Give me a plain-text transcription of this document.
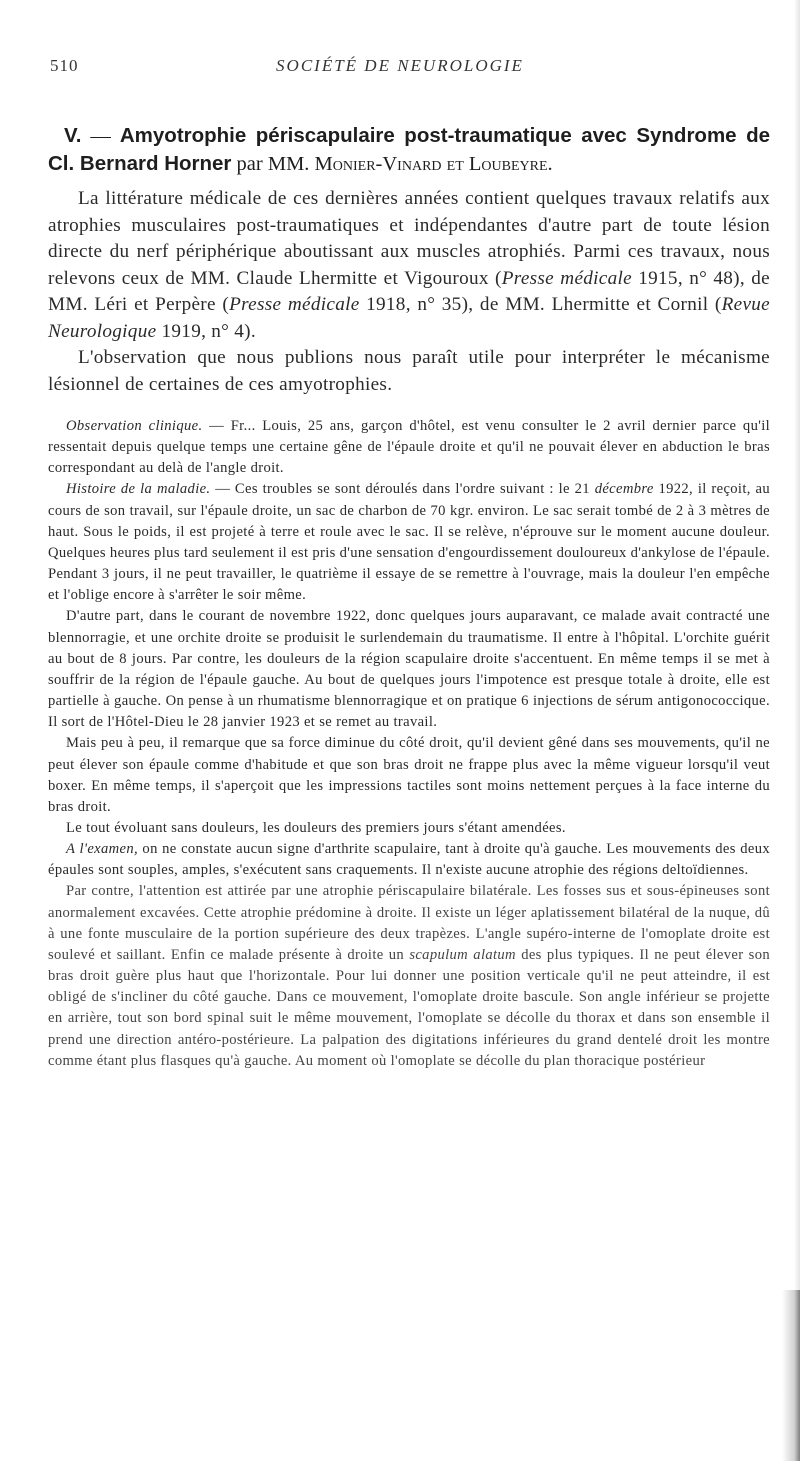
510	SOCIÉTÉ DE NEUROLOGIE

V. — Amyotrophie périscapulaire post-traumatique avec Syndrome de Cl. Bernard Horner par MM. Monier-Vinard et Loubeyre.

La littérature médicale de ces dernières années contient quelques travaux relatifs aux atrophies musculaires post-traumatiques et indépendantes d'autre part de toute lésion directe du nerf périphérique aboutissant aux muscles atrophiés. Parmi ces travaux, nous relevons ceux de MM. Claude Lhermitte et Vigouroux (Presse médicale 1915, n° 48), de MM. Léri et Perpère (Presse médicale 1918, n° 35), de MM. Lhermitte et Cornil (Revue Neurologique 1919, n° 4).

L'observation que nous publions nous paraît utile pour interpréter le mécanisme lésionnel de certaines de ces amyotrophies.

Observation clinique. — Fr... Louis, 25 ans, garçon d'hôtel, est venu consulter le 2 avril dernier parce qu'il ressentait depuis quelque temps une certaine gêne de l'épaule droite et qu'il ne pouvait élever en abduction le bras correspondant au delà de l'angle droit.

Histoire de la maladie. — Ces troubles se sont déroulés dans l'ordre suivant : le 21 décembre 1922, il reçoit, au cours de son travail, sur l'épaule droite, un sac de charbon de 70 kgr. environ. Le sac serait tombé de 2 à 3 mètres de haut. Sous le poids, il est projeté à terre et roule avec le sac. Il se relève, n'éprouve sur le moment aucune douleur. Quelques heures plus tard seulement il est pris d'une sensation d'engourdissement douloureux d'ankylose de l'épaule. Pendant 3 jours, il ne peut travailler, le quatrième il essaye de se remettre à l'ouvrage, mais la douleur l'en empêche et l'oblige encore à s'arrêter le soir même.

D'autre part, dans le courant de novembre 1922, donc quelques jours auparavant, ce malade avait contracté une blennorragie, et une orchite droite se produisit le surlendemain du traumatisme. Il entre à l'hôpital. L'orchite guérit au bout de 8 jours. Par contre, les douleurs de la région scapulaire droite s'accentuent. En même temps il se met à souffrir de la région de l'épaule gauche. Au bout de quelques jours l'impotence est presque totale à droite, elle est partielle à gauche. On pense à un rhumatisme blennorragique et on pratique 6 injections de sérum antigonococcique. Il sort de l'Hôtel-Dieu le 28 janvier 1923 et se remet au travail.

Mais peu à peu, il remarque que sa force diminue du côté droit, qu'il devient gêné dans ses mouvements, qu'il ne peut élever son épaule comme d'habitude et que son bras droit ne frappe plus avec la même vigueur lorsqu'il veut boxer. En même temps, il s'aperçoit que les impressions tactiles sont moins nettement perçues à la face interne du bras droit.

Le tout évoluant sans douleurs, les douleurs des premiers jours s'étant amendées.

A l'examen, on ne constate aucun signe d'arthrite scapulaire, tant à droite qu'à gauche. Les mouvements des deux épaules sont souples, amples, s'exécutent sans craquements. Il n'existe aucune atrophie des régions deltoïdiennes.

Par contre, l'attention est attirée par une atrophie périscapulaire bilatérale. Les fosses sus et sous-épineuses sont anormalement excavées. Cette atrophie prédomine à droite. Il existe un léger aplatissement bilatéral de la nuque, dû à une fonte musculaire de la portion supérieure des deux trapèzes. L'angle supéro-interne de l'omoplate droite est soulevé et saillant. Enfin ce malade présente à droite un scapulum alatum des plus typiques. Il ne peut élever son bras droit guère plus haut que l'horizontale. Pour lui donner une position verticale qu'il ne peut atteindre, il est obligé de s'incliner du côté gauche. Dans ce mouvement, l'omoplate droite bascule. Son angle inférieur se projette en arrière, tout son bord spinal suit le même mouvement, l'omoplate se décolle du thorax et dans son ensemble il prend une direction antéro-postérieure. La palpation des digitations inférieures du grand dentelé droit les montre comme étant plus flasques qu'à gauche. Au moment où l'omoplate se décolle du plan thoracique postérieur
